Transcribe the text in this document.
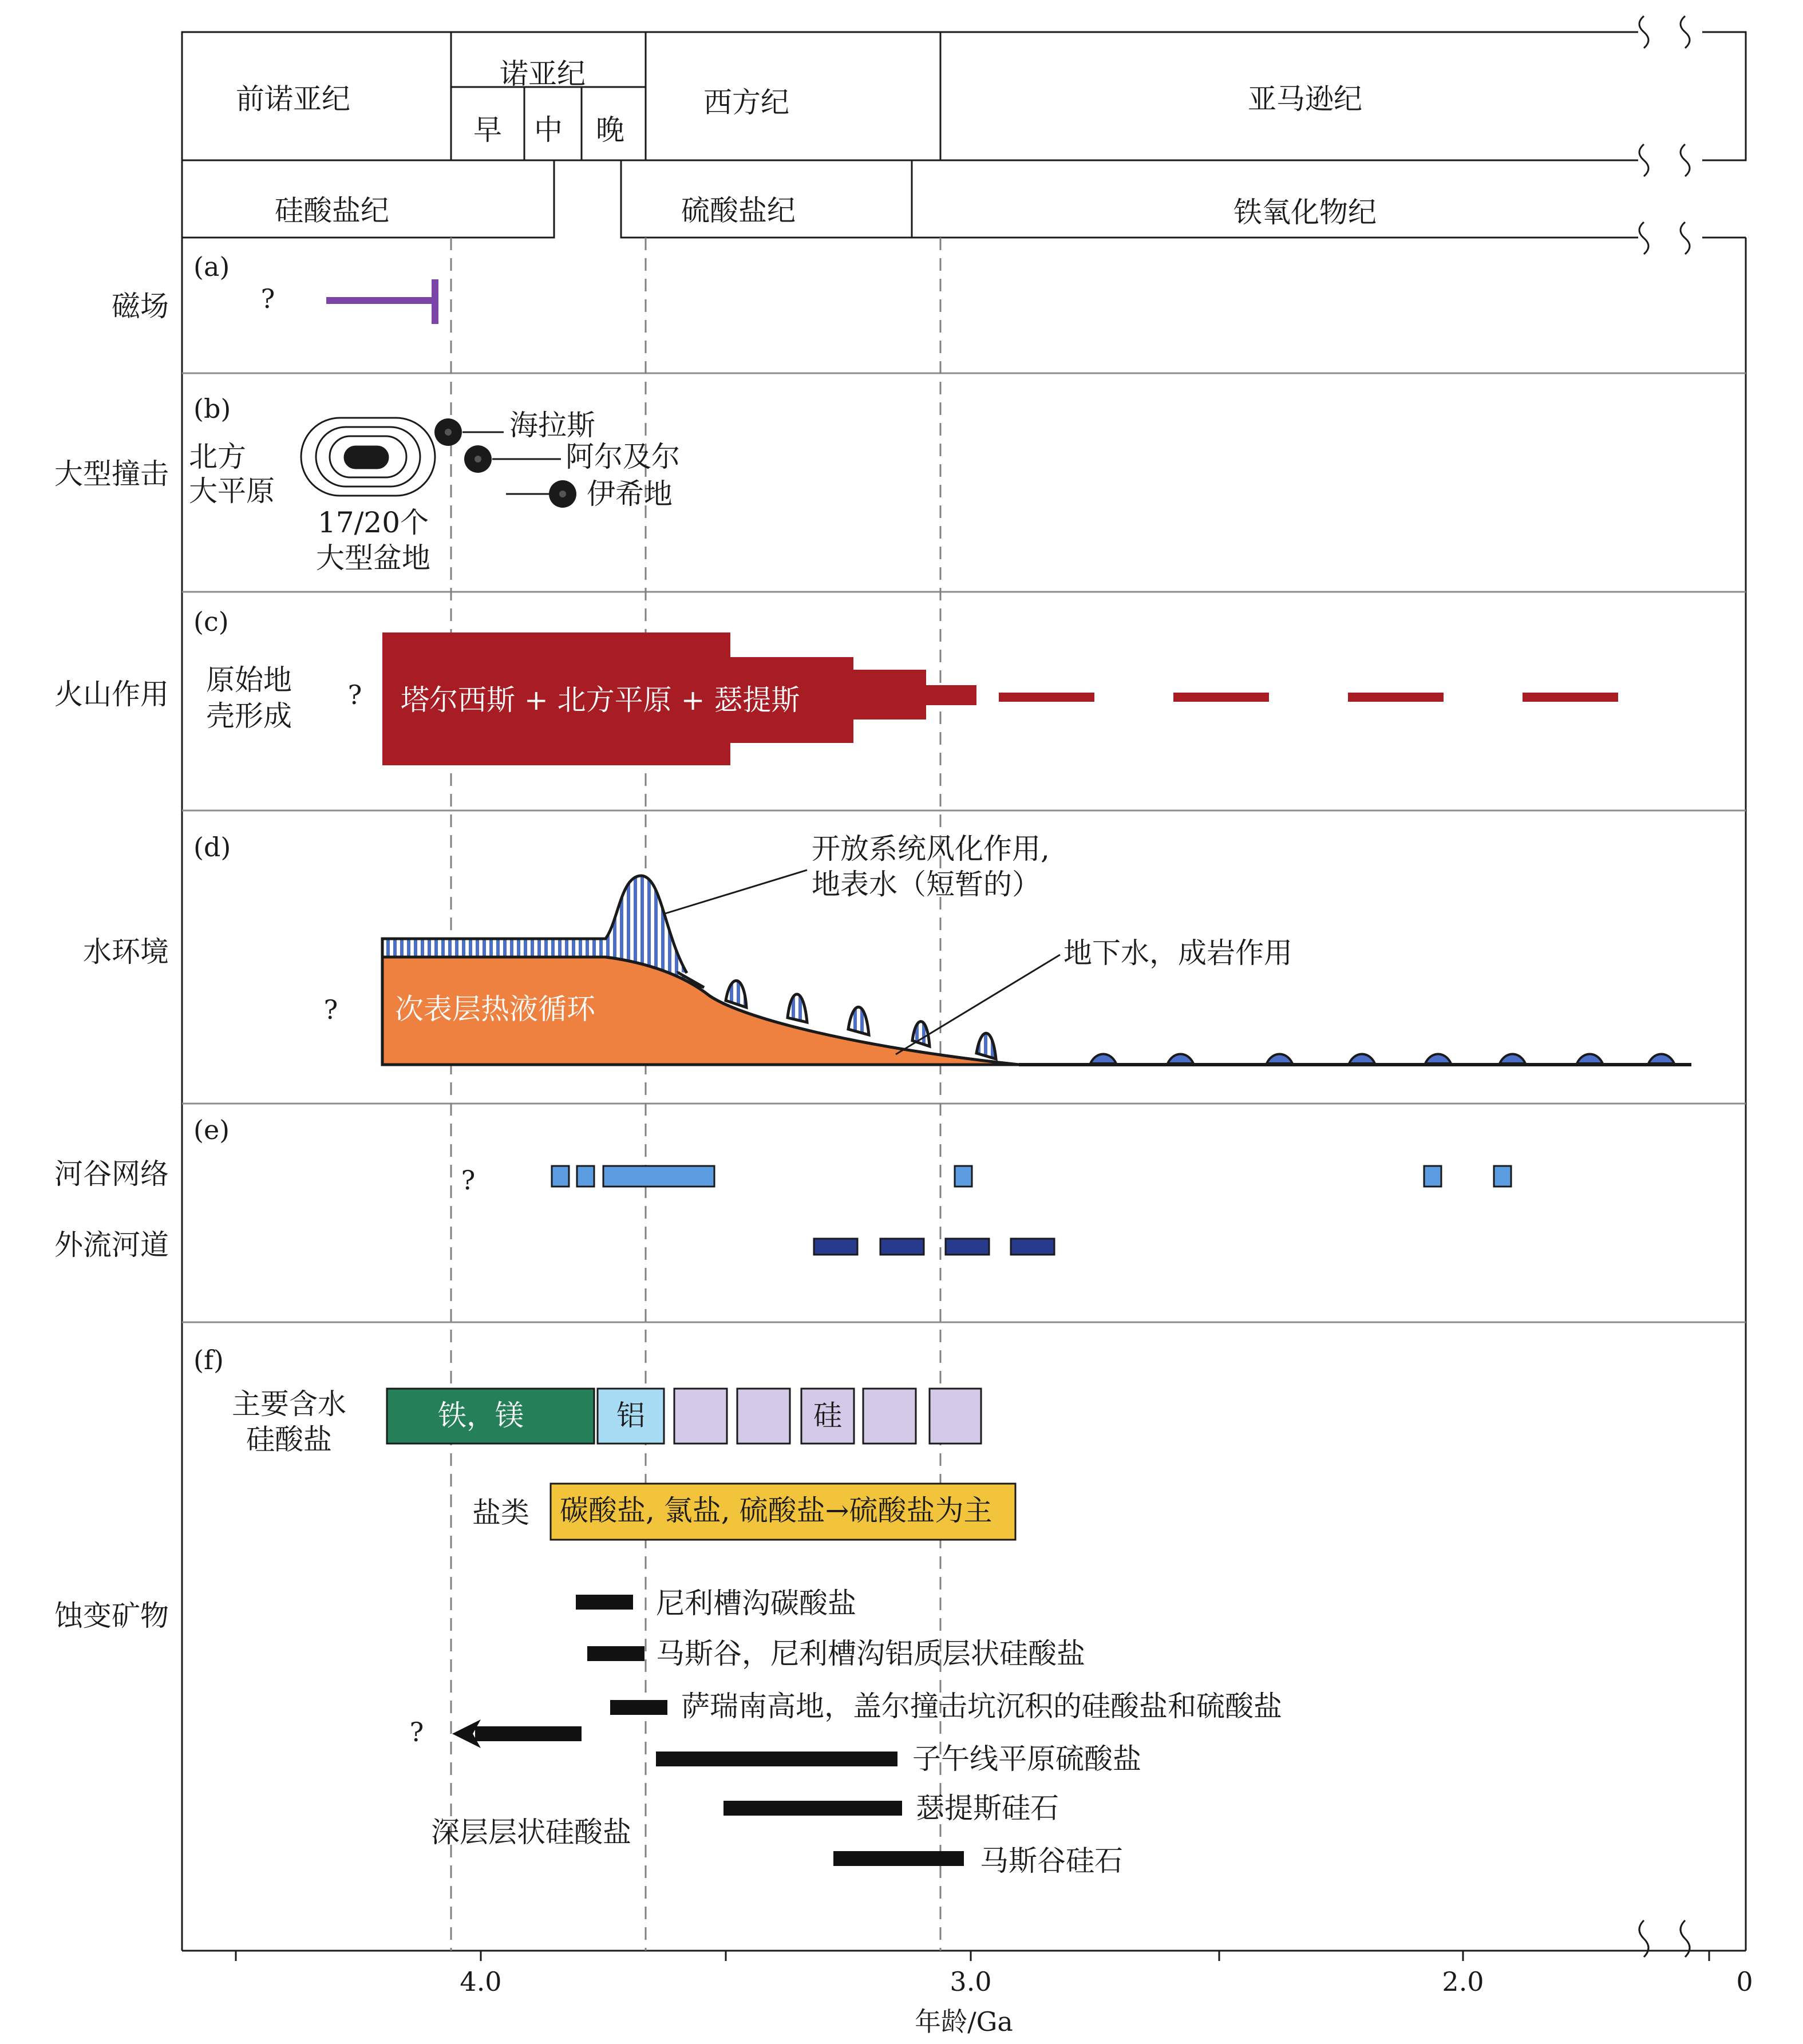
前诺亚纪
诺亚纪
早 中 晚
西方纪	亚马逊纪
硅酸盐纪	硫酸盐纪	铁氧化物纪
(a)
磁场	?
(b)
大型撞击
北方
大平原
17/20个
大型盆地
海拉斯
阿尔及尔
伊希地
(c)
火山作用 原始地
壳形成
? 塔尔西斯 + 北方平原 + 瑟提斯
(d)
水环境
?
开放系统风化作用,
地表水（短暂的）
地下水，成岩作用
次表层热液循环
(e)
河谷网络
外流河道
?
(f)
蚀变矿物
主要含水
硅酸盐
铁，镁	铝	硅
盐类 碳酸盐, 氯盐, 硫酸盐→硫酸盐为主
尼利槽沟碳酸盐
马斯谷，尼利槽沟铝质层状硅酸盐
萨瑞南高地，盖尔撞击坑沉积的硅酸盐和硫酸盐
子午线平原硫酸盐
瑟提斯硅石
马斯谷硅石
?
深层层状硅酸盐
4.0	3.0	2.0	0
年龄/Ga
